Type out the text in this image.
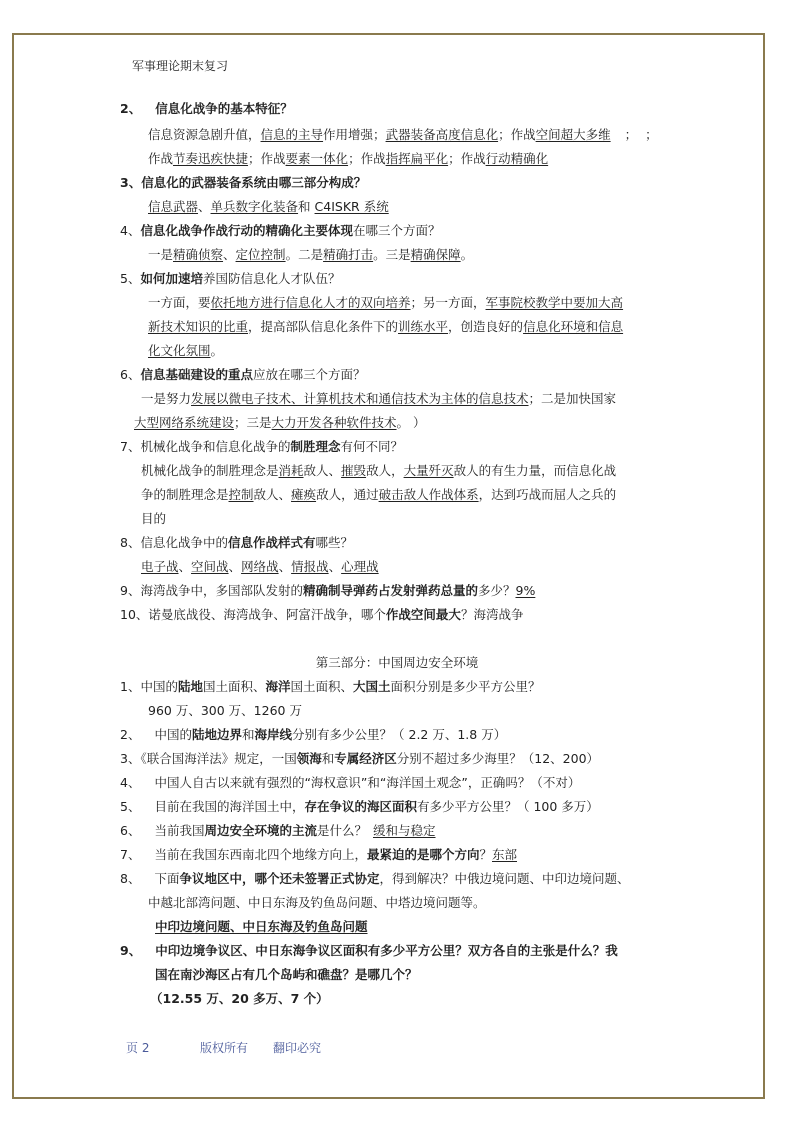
军事理论期末复习
2、 信息化战争的基本特征？
信息资源急剧升值，信息的主导作用增强；武器装备高度信息化；作战空间超大多维 ； ；
作战节奏迅疾快捷；作战要素一体化；作战指挥扁平化；作战行动精确化
3、信息化的武器装备系统由哪三部分构成？
信息武器、单兵数字化装备和 C4ISKR 系统
4、信息化战争作战行动的精确化主要体现在哪三个方面？
一是精确侦察、定位控制。二是精确打击。三是精确保障。
5、如何加速培养国防信息化人才队伍？
一方面，要依托地方进行信息化人才的双向培养；另一方面，军事院校教学中要加大高
新技术知识的比重，提高部队信息化条件下的训练水平，创造良好的信息化环境和信息
化文化氛围。
6、信息基础建设的重点应放在哪三个方面？
一是努力发展以微电子技术、计算机技术和通信技术为主体的信息技术；二是加快国家
大型网络系统建设；三是大力开发各种软件技术。 ）
7、机械化战争和信息化战争的制胜理念有何不同？
机械化战争的制胜理念是消耗敌人、摧毁敌人，大量歼灭敌人的有生力量，而信息化战
争的制胜理念是控制敌人、瘫痪敌人，通过破击敌人作战体系，达到巧战而屈人之兵的
目的
8、信息化战争中的信息作战样式有哪些？
电子战、空间战、网络战、情报战、心理战
9、海湾战争中，多国部队发射的精确制导弹药占发射弹药总量的多少？9%
10、诺曼底战役、海湾战争、阿富汗战争，哪个作战空间最大？海湾战争
第三部分：中国周边安全环境
1、中国的陆地国土面积、海洋国土面积、大国土面积分别是多少平方公里？
960 万、300 万、1260 万
2、 中国的陆地边界和海岸线分别有多少公里？（ 2.2 万、1.8 万）
3、《联合国海洋法》规定，一国领海和专属经济区分别不超过多少海里？（12、200）
4、 中国人自古以来就有强烈的“海权意识”和“海洋国土观念”，正确吗？（不对）
5、 目前在我国的海洋国土中，存在争议的海区面积有多少平方公里？（ 100 多万）
6、 当前我国周边安全环境的主流是什么？ 缓和与稳定
7、 当前在我国东西南北四个地缘方向上，最紧迫的是哪个方向？东部
8、 下面争议地区中，哪个还未签署正式协定，得到解决？中俄边境问题、中印边境问题、
中越北部湾问题、中日东海及钓鱼岛问题、中塔边境问题等。
中印边境问题、中日东海及钓鱼岛问题
9、 中印边境争议区、中日东海争议区面积有多少平方公里？双方各自的主张是什么？我
国在南沙海区占有几个岛屿和礁盘？是哪几个？
（12.55 万、20 多万、7 个）
页 2	版权所有 翻印必究
